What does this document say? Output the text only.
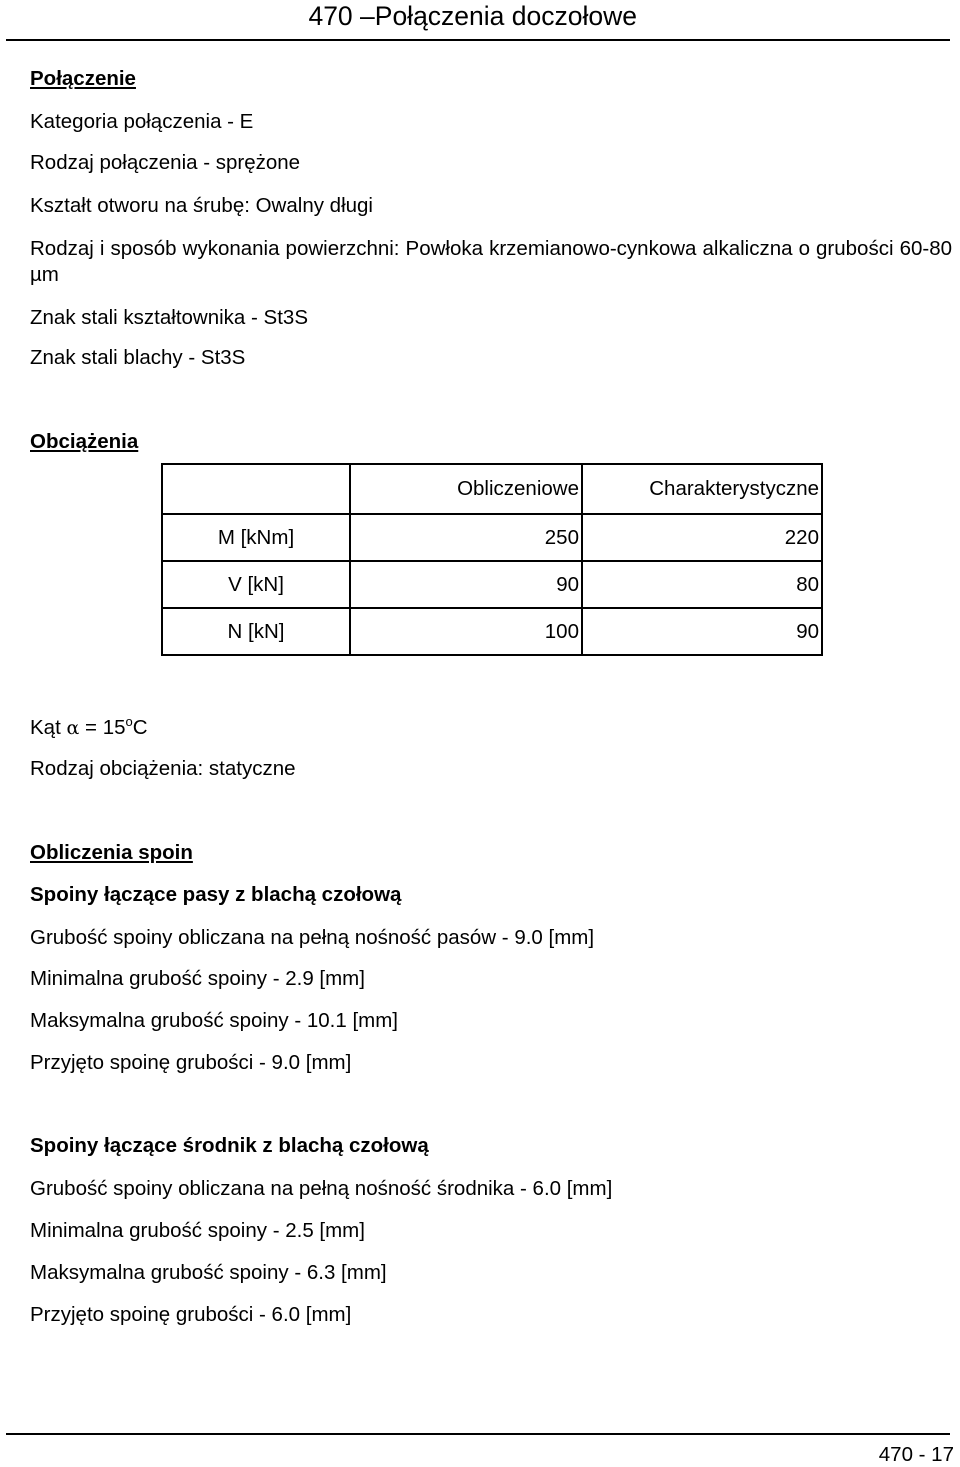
470 –Połączenia doczołowe
Połączenie
Kategoria połączenia - E
Rodzaj połączenia - sprężone
Kształt otworu na śrubę: Owalny długi
Rodzaj i sposób wykonania powierzchni: Powłoka krzemianowo-cynkowa alkaliczna o grubości 60-80 µm
Znak stali kształtownika - St3S
Znak stali blachy - St3S
Obciążenia
	Obliczeniowe	Charakterystyczne
M [kNm]	250	220
V [kN]	90	80
N [kN]	100	90
Kąt $\alpha = 15^oC$
Rodzaj obciążenia: statyczne
Obliczenia spoin
Spoiny łączące pasy z blachą czołową
Grubość spoiny obliczana na pełną nośność pasów - 9.0 [mm]
Minimalna grubość spoiny - 2.9 [mm]
Maksymalna grubość spoiny - 10.1 [mm]
Przyjęto spoinę grubości - 9.0 [mm]
Spoiny łączące środnik z blachą czołową
Grubość spoiny obliczana na pełną nośność środnika - 6.0 [mm]
Minimalna grubość spoiny - 2.5 [mm]
Maksymalna grubość spoiny - 6.3 [mm]
Przyjęto spoinę grubości - 6.0 [mm]
470 - 17
